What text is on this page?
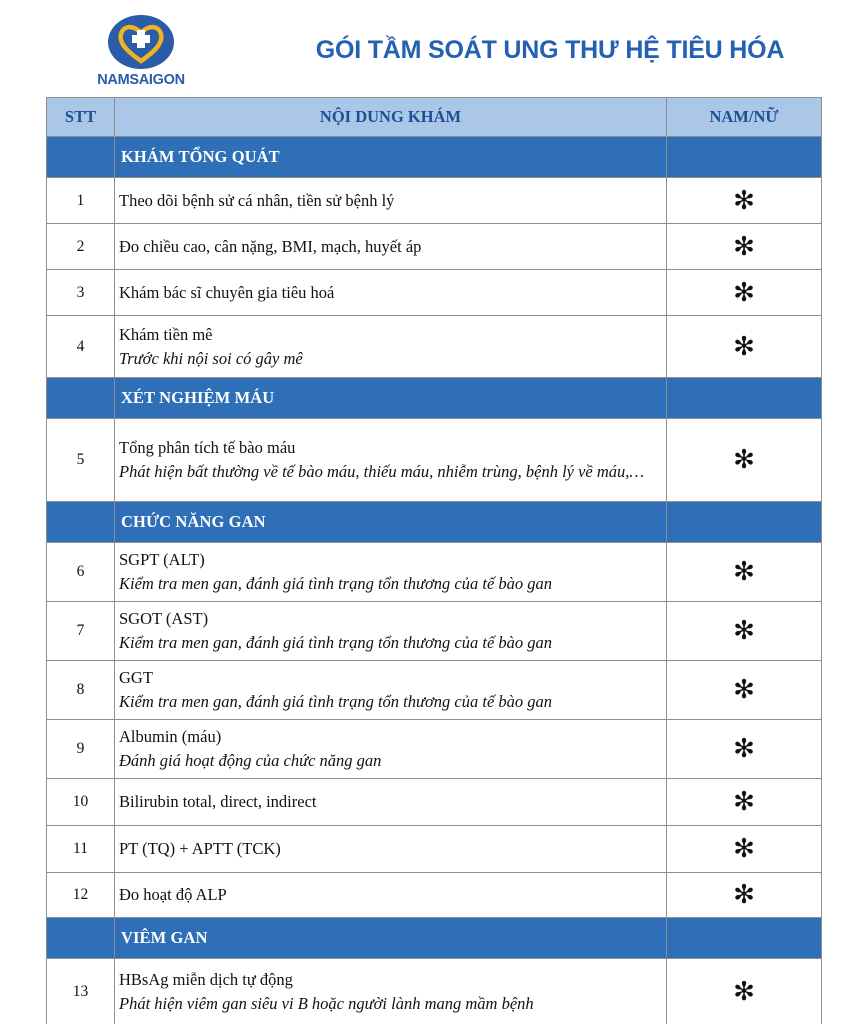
NAMSAIGON
GÓI TẦM SOÁT UNG THƯ HỆ TIÊU HÓA
STT	NỘI DUNG KHÁM	NAM/NỮ
	KHÁM TỔNG QUÁT	
1	Theo dõi bệnh sử cá nhân, tiền sử bệnh lý	✻
2	Đo chiều cao, cân nặng, BMI, mạch, huyết áp	✻
3	Khám bác sĩ chuyên gia tiêu hoá	✻
4	Khám tiền mê
Trước khi nội soi có gây mê	✻
	XÉT NGHIỆM MÁU	
5	Tổng phân tích tế bào máu
Phát hiện bất thường về tế bào máu, thiếu máu, nhiễm trùng, bệnh lý về máu,…	✻
	CHỨC NĂNG GAN	
6	SGPT (ALT)
Kiểm tra men gan, đánh giá tình trạng tổn thương của tế bào gan	✻
7	SGOT (AST)
Kiểm tra men gan, đánh giá tình trạng tổn thương của tế bào gan	✻
8	GGT
Kiểm tra men gan, đánh giá tình trạng tổn thương của tế bào gan	✻
9	Albumin (máu)
Đánh giá hoạt động của chức năng gan	✻
10	Bilirubin total, direct, indirect	✻
11	PT (TQ) + APTT (TCK)	✻
12	Đo hoạt độ ALP	✻
	VIÊM GAN	
13	HBsAg miễn dịch tự động
Phát hiện viêm gan siêu vi B hoặc người lành mang mầm bệnh	✻
